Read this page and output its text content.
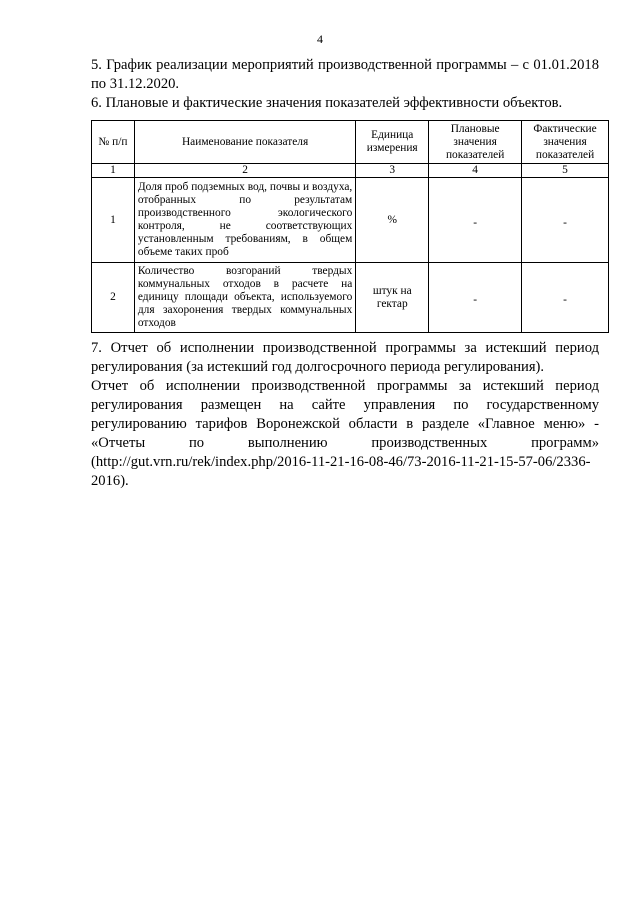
4

5. График реализации мероприятий производственной программы – с 01.01.2018 по 31.12.2020.

6. Плановые и фактические значения показателей эффективности объектов.

№ п/п	Наименование показателя	Единица измерения	Плановые значения показателей	Фактические значения показателей
1	2	3	4	5
1	Доля проб подземных вод, почвы и воздуха, отобранных по результатам производственного экологического контроля, не соответствующих установленным требованиям, в общем объеме таких проб	%	-	-
2	Количество возгораний твердых коммунальных отходов в расчете на единицу площади объекта, используемого для захоронения твердых коммунальных отходов	штук на гектар	-	-

7. Отчет об исполнении производственной программы за истекший период регулирования (за истекший год долгосрочного периода регулирования).

Отчет об исполнении производственной программы за истекший период регулирования размещен на сайте управления по государственному регулированию тарифов Воронежской области в разделе «Главное меню» - «Отчеты по выполнению производственных программ» (http://gut.vrn.ru/rek/index.php/2016-11-21-16-08-46/73-2016-11-21-15-57-06/2336-2016).
